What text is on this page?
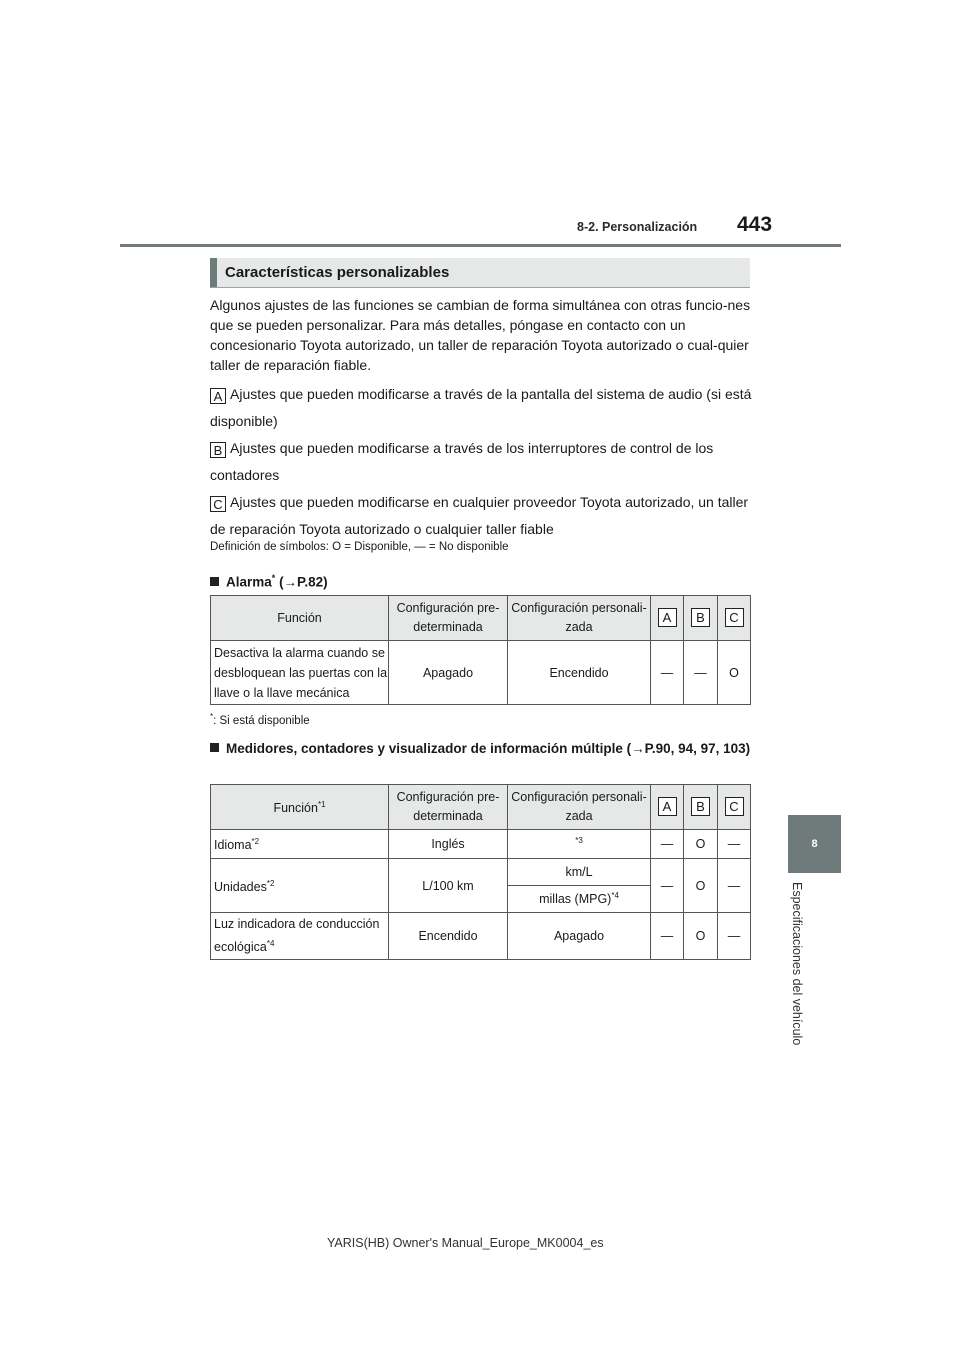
8-2. Personalización 443
8
Especificaciones del vehículo
Características personalizables
Algunos ajustes de las funciones se cambian de forma simultánea con otras funcio-nes que se pueden personalizar. Para más detalles, póngase en contacto con un concesionario Toyota autorizado, un taller de reparación Toyota autorizado o cual-quier taller de reparación fiable.
A Ajustes que pueden modificarse a través de la pantalla del sistema de audio (si está disponible)
B Ajustes que pueden modificarse a través de los interruptores de control de los contadores
C Ajustes que pueden modificarse en cualquier proveedor Toyota autorizado, un taller de reparación Toyota autorizado o cualquier taller fiable
Definición de símbolos: O = Disponible, — = No disponible
Alarma* (→P.82)
Función	Configuración pre-determinada	Configuración personali-zada	A	B	C
Desactiva la alarma cuando se desbloquean las puertas con la llave o la llave mecánica	Apagado	Encendido	—	—	O
*: Si está disponible
Medidores, contadores y visualizador de información múltiple (→P.90, 94, 97, 103)
Función$^{*1}$	Configuración pre-determinada	Configuración personali-zada	A	B	C
Idioma$^{*2}$	Inglés	$^{*3}$	—	O	—
Unidades$^{*2}$	L/100 km	km/L	—	O	—
		millas (MPG)$^{*4}$
Luz indicadora de conducción ecológica$^{*4}$	Encendido	Apagado	—	O	—
YARIS(HB) Owner's Manual_Europe_MK0004_es
